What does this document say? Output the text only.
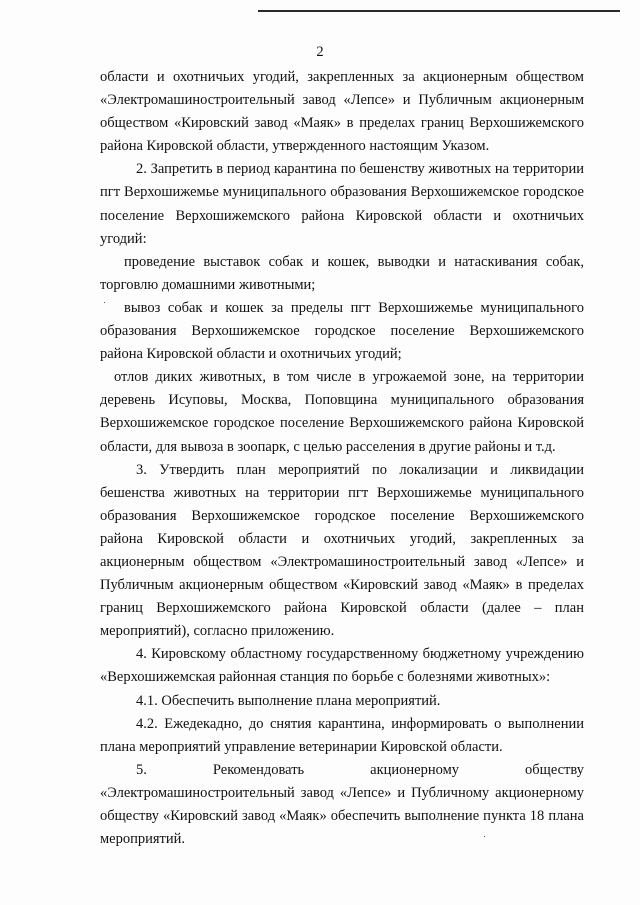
2

области и охотничьих угодий, закрепленных за акционерным обществом «Электромашиностроительный завод «Лепсе» и Публичным акционерным обществом «Кировский завод «Маяк» в пределах границ Верхошижемского района Кировской области, утвержденного настоящим Указом.

2. Запретить в период карантина по бешенству животных на территории пгт Верхошижемье муниципального образования Верхошижемское городское поселение Верхошижемского района Кировской области и охотничьих угодий:

проведение выставок собак и кошек, выводки и натаскивания собак, торговлю домашними животными;

вывоз собак и кошек за пределы пгт Верхошижемье муниципального образования Верхошижемское городское поселение Верхошижемского района Кировской области и охотничьих угодий;

отлов диких животных, в том числе в угрожаемой зоне, на территории деревень Исуповы, Москва, Поповщина муниципального образования Верхошижемское городское поселение Верхошижемского района Кировской области, для вывоза в зоопарк, с целью расселения в другие районы и т.д.

3. Утвердить план мероприятий по локализации и ликвидации бешенства животных на территории пгт Верхошижемье муниципального образования Верхошижемское городское поселение Верхошижемского района Кировской области и охотничьих угодий, закрепленных за акционерным обществом «Электромашиностроительный завод «Лепсе» и Публичным акционерным обществом «Кировский завод «Маяк» в пределах границ Верхошижемского района Кировской области (далее – план мероприятий), согласно приложению.

4. Кировскому областному государственному бюджетному учреждению «Верхошижемская районная станция по борьбе с болезнями животных»:

4.1. Обеспечить выполнение плана мероприятий.

4.2. Ежедекадно, до снятия карантина, информировать о выполнении плана мероприятий управление ветеринарии Кировской области.

5. Рекомендовать акционерному обществу «Электромашиностроительный завод «Лепсе» и Публичному акционерному обществу «Кировский завод «Маяк» обеспечить выполнение пункта 18 плана мероприятий.
